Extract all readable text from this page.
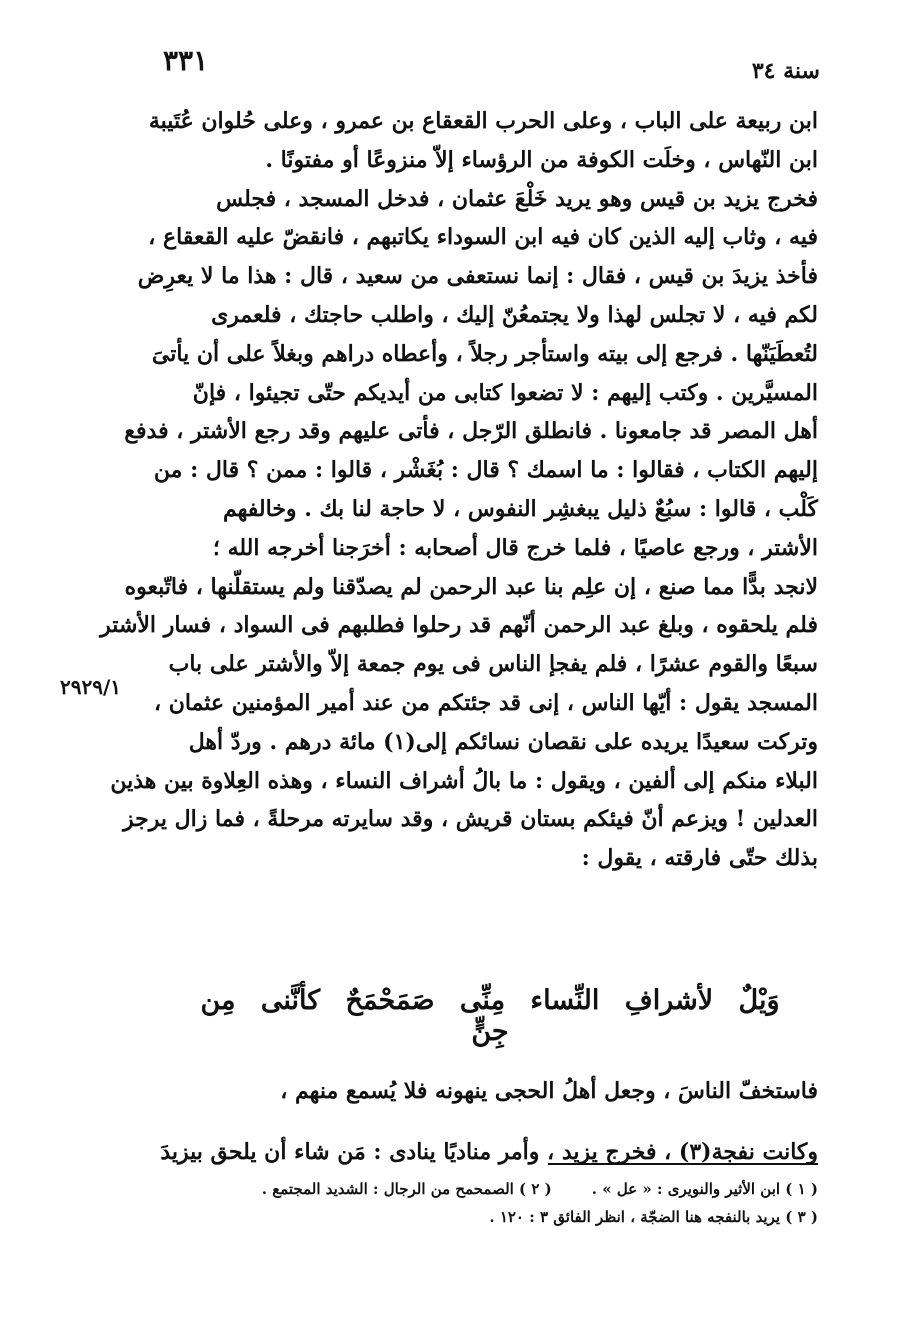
٣٣١	سنة ٣٤

ابن ربيعة على الباب ، وعلى الحرب القعقاع بن عمرو ، وعلى حُلوان عُتَيبة

ابن النّهاس ، وخلَت الكوفة من الرؤساء إلاّ منزوعًا أو مفتونًا .

فخرج يزيد بن قيس وهو يريد خَلْعَ عثمان ، فدخل المسجد ، فجلس

فيه ، وثاب إليه الذين كان فيه ابن السوداء يكاتبهم ، فانقضّ عليه القعقاع ،

فأخذ يزيدَ بن قيس ، فقال : إنما نستعفى من سعيد ، قال : هذا ما لا يعرِض

لكم فيه ، لا تجلس لهذا ولا يجتمعُنّ إليك ، واطلب حاجتك ، فلعمرى

لتُعطَيَنّها . فرجع إلى بيته واستأجر رجلاً ، وأعطاه دراهم وبغلاً على أن يأتىَ

المسيَّرين . وكتب إليهم : لا تضعوا كتابى من أيديكم حتّى تجيئوا ، فإنّ

أهل المصر قد جامعونا . فانطلق الرّجل ، فأتى عليهم وقد رجع الأشتر ، فدفع

إليهم الكتاب ، فقالوا : ما اسمك ؟ قال : بُغَشْر ، قالوا : ممن ؟ قال : من

كَلْب ، قالوا : سبُعٌ ذليل يبغشِر النفوس ، لا حاجة لنا بك . وخالفهم

الأشتر ، ورجع عاصيًا ، فلما خرج قال أصحابه : أخرَجنا أخرجه الله ؛

لانجد بدًّا مما صنع ، إن علِم بنا عبد الرحمن لم يصدّقنا ولم يستقلّنها ، فاتّبعوه

فلم يلحقوه ، وبلغ عبد الرحمن أنّهم قد رحلوا فطلبهم فى السواد ، فسار الأشتر

سبعًا والقوم عشرًا ، فلم يفجإ الناس فى يوم جمعة إلاّ والأشتر على باب

المسجد يقول : أيّها الناس ، إنى قد جئتكم من عند أمير المؤمنين عثمان ،

وتركت سعيدًا يريده على نقصان نسائكم إلى(١) مائة درهم . وردّ أهل

البلاء منكم إلى ألفين ، ويقول : ما بالُ أشراف النساء ، وهذه العِلاوة بين هذين

العدلين ! ويزعم أنّ فيئكم بستان قريش ، وقد سايرته مرحلةً ، فما زال يرجز

بذلك حتّى فارقته ، يقول :

٢٩٢٩/١
وَيْلٌ لأشرافِ النِّساء مِنِّى صَمَحْمَحٌ كأنَّنى مِن جِنٍّ

فاستخفّ الناسَ ، وجعل أهلُ الحجى ينهونه فلا يُسمع منهم ،

وكانت نفجة(٣) ، فخرج يزيد ، وأمر مناديًا ينادى : مَن شاء أن يلحق بيزيدَ

( ١ ) ابن الأثير والنويرى : « عل » .
( ٢ ) الصمحمح من الرجال : الشديد المجتمع .
( ٣ ) يريد بالنفجه هنا الضجّة ، انظر الفائق ٣ : ١٢٠ .
